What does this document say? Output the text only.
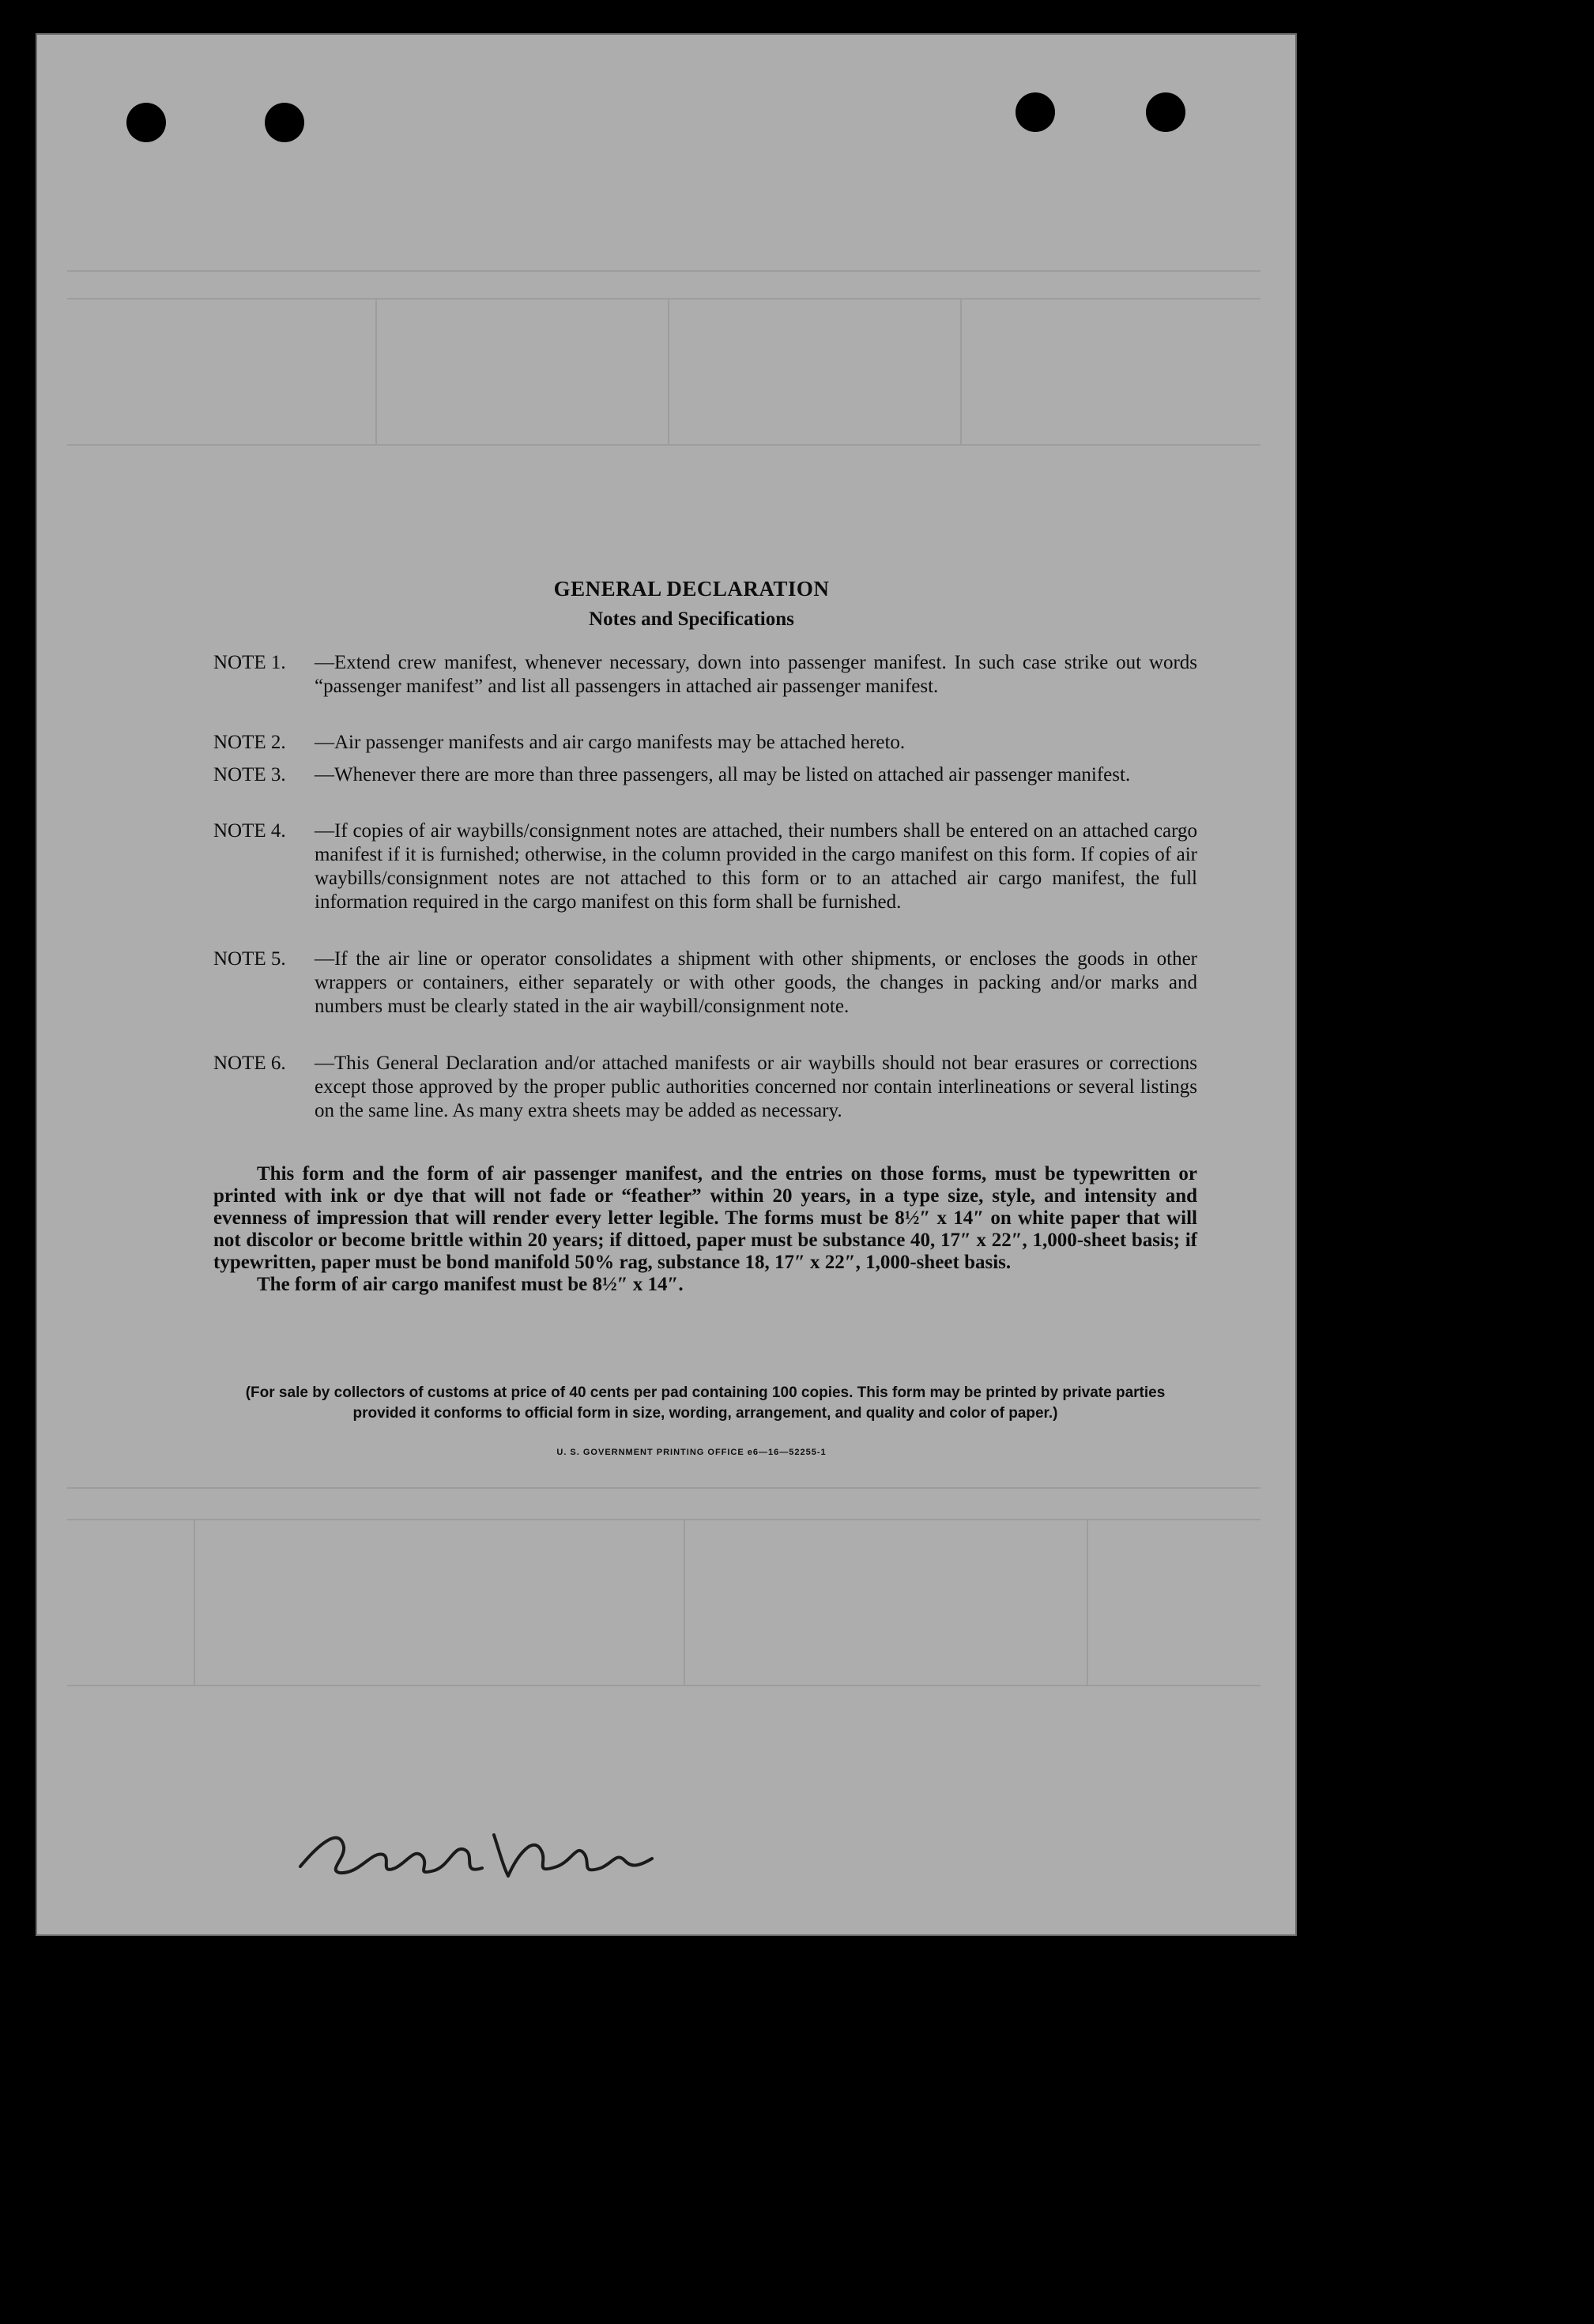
GENERAL DECLARATION
Notes and Specifications
NOTE 1. —Extend crew manifest, whenever necessary, down into passenger manifest. In such case strike out words “passenger manifest” and list all passengers in attached air passenger manifest.
NOTE 2. —Air passenger manifests and air cargo manifests may be attached hereto.
NOTE 3. —Whenever there are more than three passengers, all may be listed on attached air passenger manifest.
NOTE 4. —If copies of air waybills/consignment notes are attached, their numbers shall be entered on an attached cargo manifest if it is furnished; otherwise, in the column provided in the cargo manifest on this form. If copies of air waybills/consignment notes are not attached to this form or to an attached air cargo manifest, the full information required in the cargo manifest on this form shall be furnished.
NOTE 5. —If the air line or operator consolidates a shipment with other shipments, or encloses the goods in other wrappers or containers, either separately or with other goods, the changes in packing and/or marks and numbers must be clearly stated in the air waybill/consignment note.
NOTE 6. —This General Declaration and/or attached manifests or air waybills should not bear erasures or corrections except those approved by the proper public authorities concerned nor contain interlineations or several listings on the same line. As many extra sheets may be added as necessary.
This form and the form of air passenger manifest, and the entries on those forms, must be typewritten or printed with ink or dye that will not fade or “feather” within 20 years, in a type size, style, and intensity and evenness of impression that will render every letter legible. The forms must be 8½″ x 14″ on white paper that will not discolor or become brittle within 20 years; if dittoed, paper must be substance 40, 17″ x 22″, 1,000-sheet basis; if typewritten, paper must be bond manifold 50% rag, substance 18, 17″ x 22″, 1,000-sheet basis.
The form of air cargo manifest must be 8½″ x 14″.
(For sale by collectors of customs at price of 40 cents per pad containing 100 copies. This form may be printed by private parties provided it conforms to official form in size, wording, arrangement, and quality and color of paper.)
U. S. GOVERNMENT PRINTING OFFICE e6—16—52255-1
